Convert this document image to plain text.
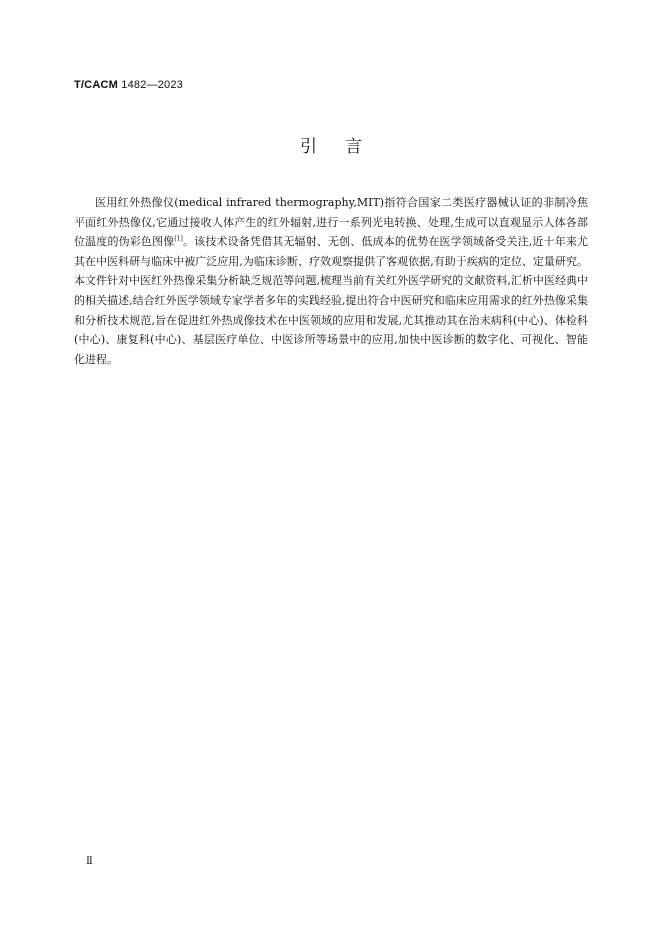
T/CACM 1482—2023
引言

医用红外热像仪(medical infrared thermography,MIT)指符合国家二类医疗器械认证的非制冷焦平面红外热像仪,它通过接收人体产生的红外辐射,进行一系列光电转换、处理,生成可以直观显示人体各部位温度的伪彩色图像[1]。该技术设备凭借其无辐射、无创、低成本的优势在医学领域备受关注,近十年来尤其在中医科研与临床中被广泛应用,为临床诊断、疗效观察提供了客观依据,有助于疾病的定位、定量研究。本文件针对中医红外热像采集分析缺乏规范等问题,梳理当前有关红外医学研究的文献资料,汇析中医经典中的相关描述,结合红外医学领域专家学者多年的实践经验,提出符合中医研究和临床应用需求的红外热像采集和分析技术规范,旨在促进红外热成像技术在中医领域的应用和发展,尤其推动其在治未病科(中心)、体检科(中心)、康复科(中心)、基层医疗单位、中医诊所等场景中的应用,加快中医诊断的数字化、可视化、智能化进程。

Ⅱ
